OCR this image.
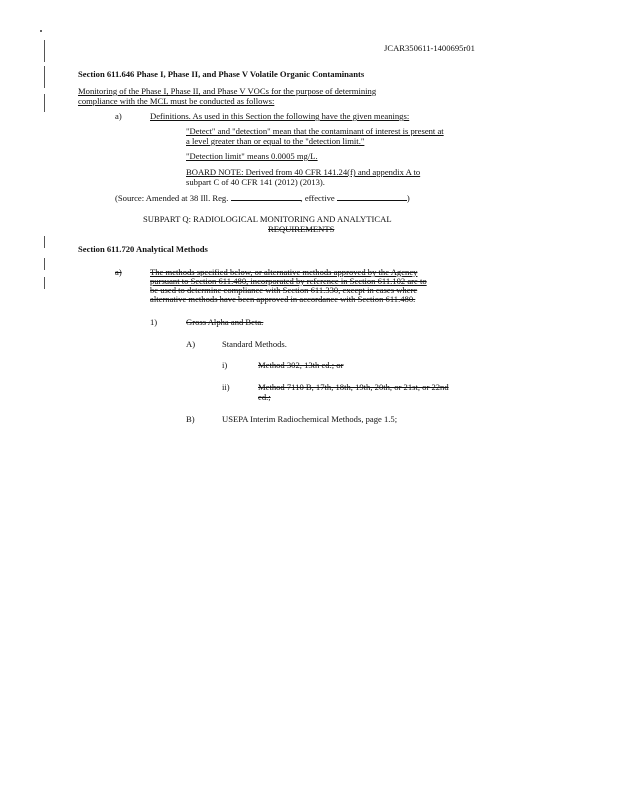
JCAR350611-1400695r01
Section 611.646 Phase I, Phase II, and Phase V Volatile Organic Contaminants
Monitoring of the Phase I, Phase II, and Phase V VOCs for the purpose of determining
compliance with the MCL must be conducted as follows:
a)	Definitions. As used in this Section the following have the given meanings:
"Detect" and "detection" mean that the contaminant of interest is present at
a level greater than or equal to the "detection limit."
"Detection limit" means 0.0005 mg/L.
BOARD NOTE: Derived from 40 CFR 141.24(f) and appendix A to
subpart C of 40 CFR 141 (2012) (2013).
(Source: Amended at 38 Ill. Reg.	, effective	)
SUBPART Q: RADIOLOGICAL MONITORING AND ANALYTICAL
REQUIREMENTS
Section 611.720 Analytical Methods
a)	The methods specified below, or alternative methods approved by the Agency
pursuant to Section 611.480, incorporated by reference in Section 611.102 are to
be used to determine compliance with Section 611.330, except in cases where
alternative methods have been approved in accordance with Section 611.480.
1)	Gross Alpha and Beta.
A)	Standard Methods.
i)	Method 302, 13th ed.; or
ii)	Method 7110 B, 17th, 18th, 19th, 20th, or 21st, or 22nd
ed.;
B)	USEPA Interim Radiochemical Methods, page 1.5;
